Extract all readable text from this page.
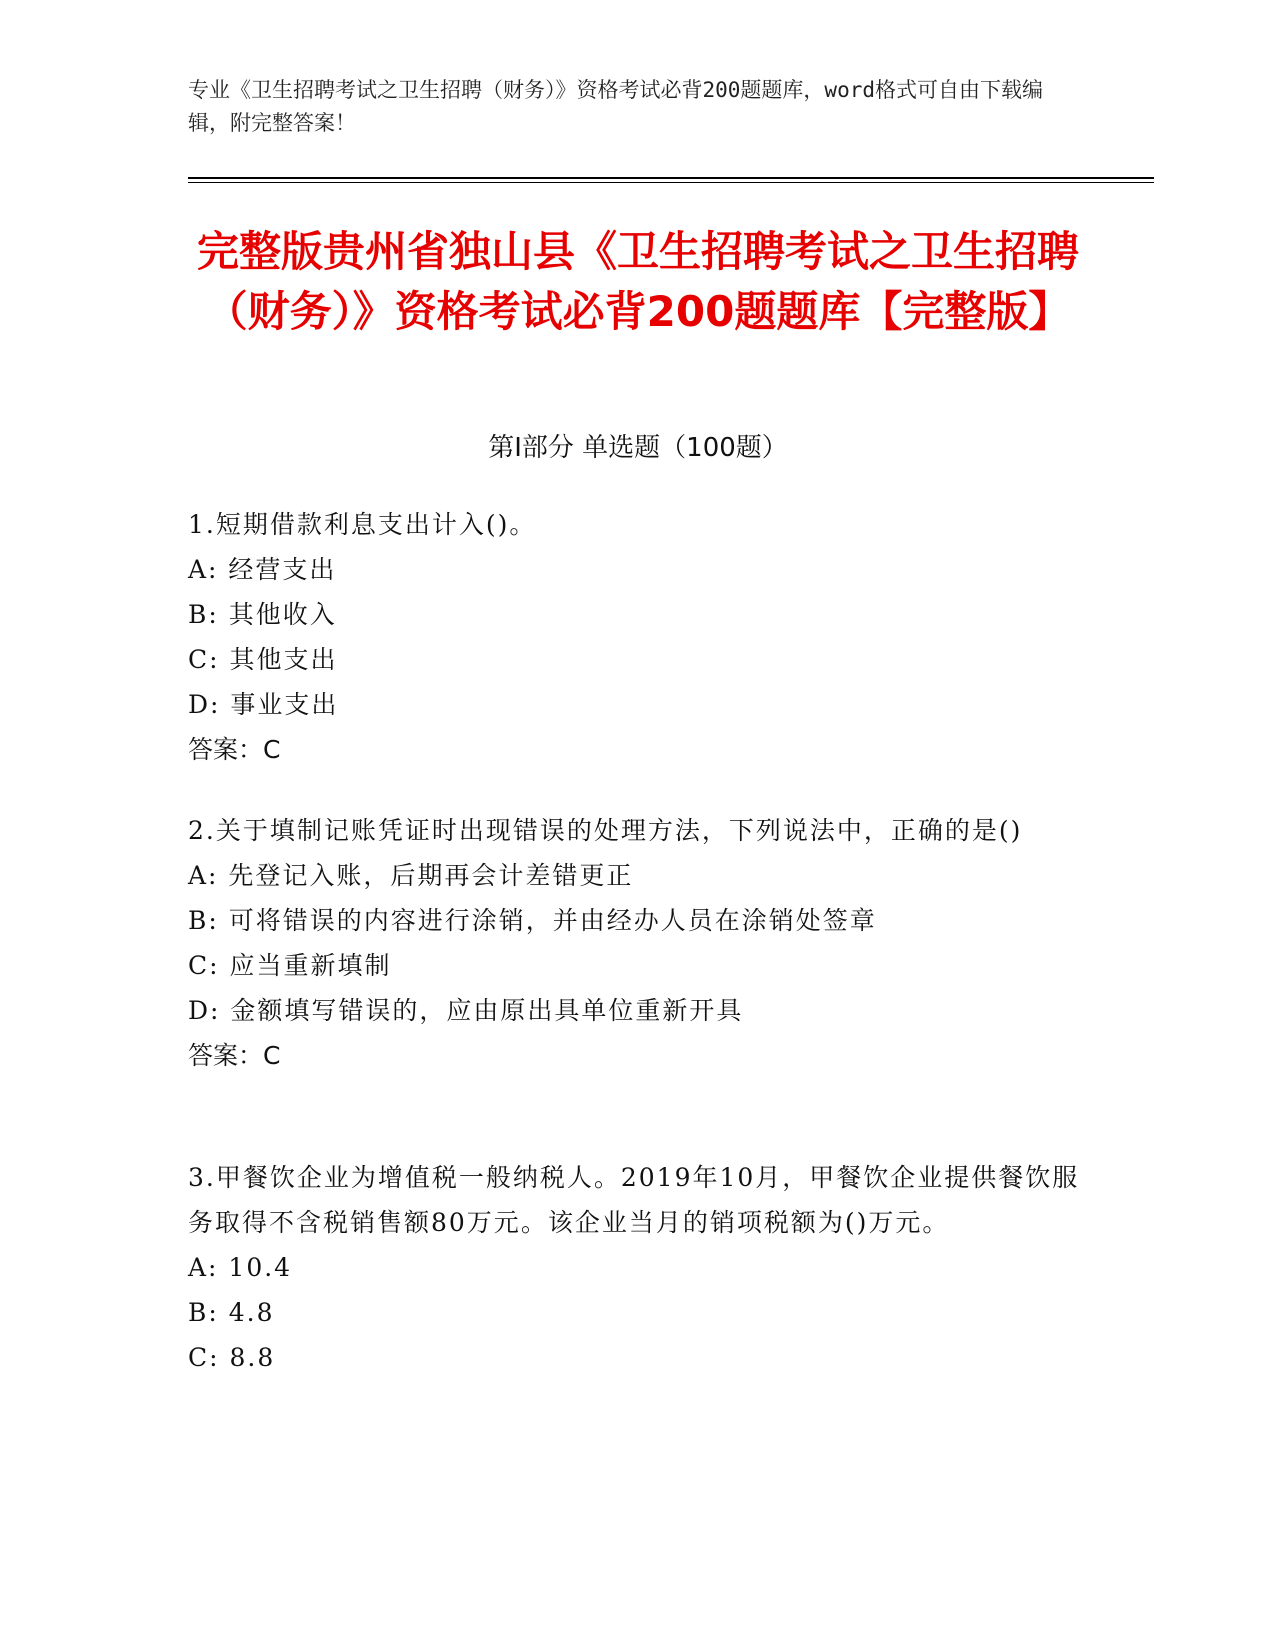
专业《卫生招聘考试之卫生招聘（财务）》资格考试必背200题题库，word格式可自由下载编辑，附完整答案！
完整版贵州省独山县《卫生招聘考试之卫生招聘（财务）》资格考试必背200题题库【完整版】
第Ⅰ部分 单选题（100题）
1.短期借款利息支出计入()。
A: 经营支出
B: 其他收入
C: 其他支出
D: 事业支出
答案：C
2.关于填制记账凭证时出现错误的处理方法，下列说法中，正确的是()
A: 先登记入账，后期再会计差错更正
B: 可将错误的内容进行涂销，并由经办人员在涂销处签章
C: 应当重新填制
D: 金额填写错误的，应由原出具单位重新开具
答案：C
3.甲餐饮企业为增值税一般纳税人。2019年10月，甲餐饮企业提供餐饮服务取得不含税销售额80万元。该企业当月的销项税额为()万元。
A: 10.4
B: 4.8
C: 8.8
